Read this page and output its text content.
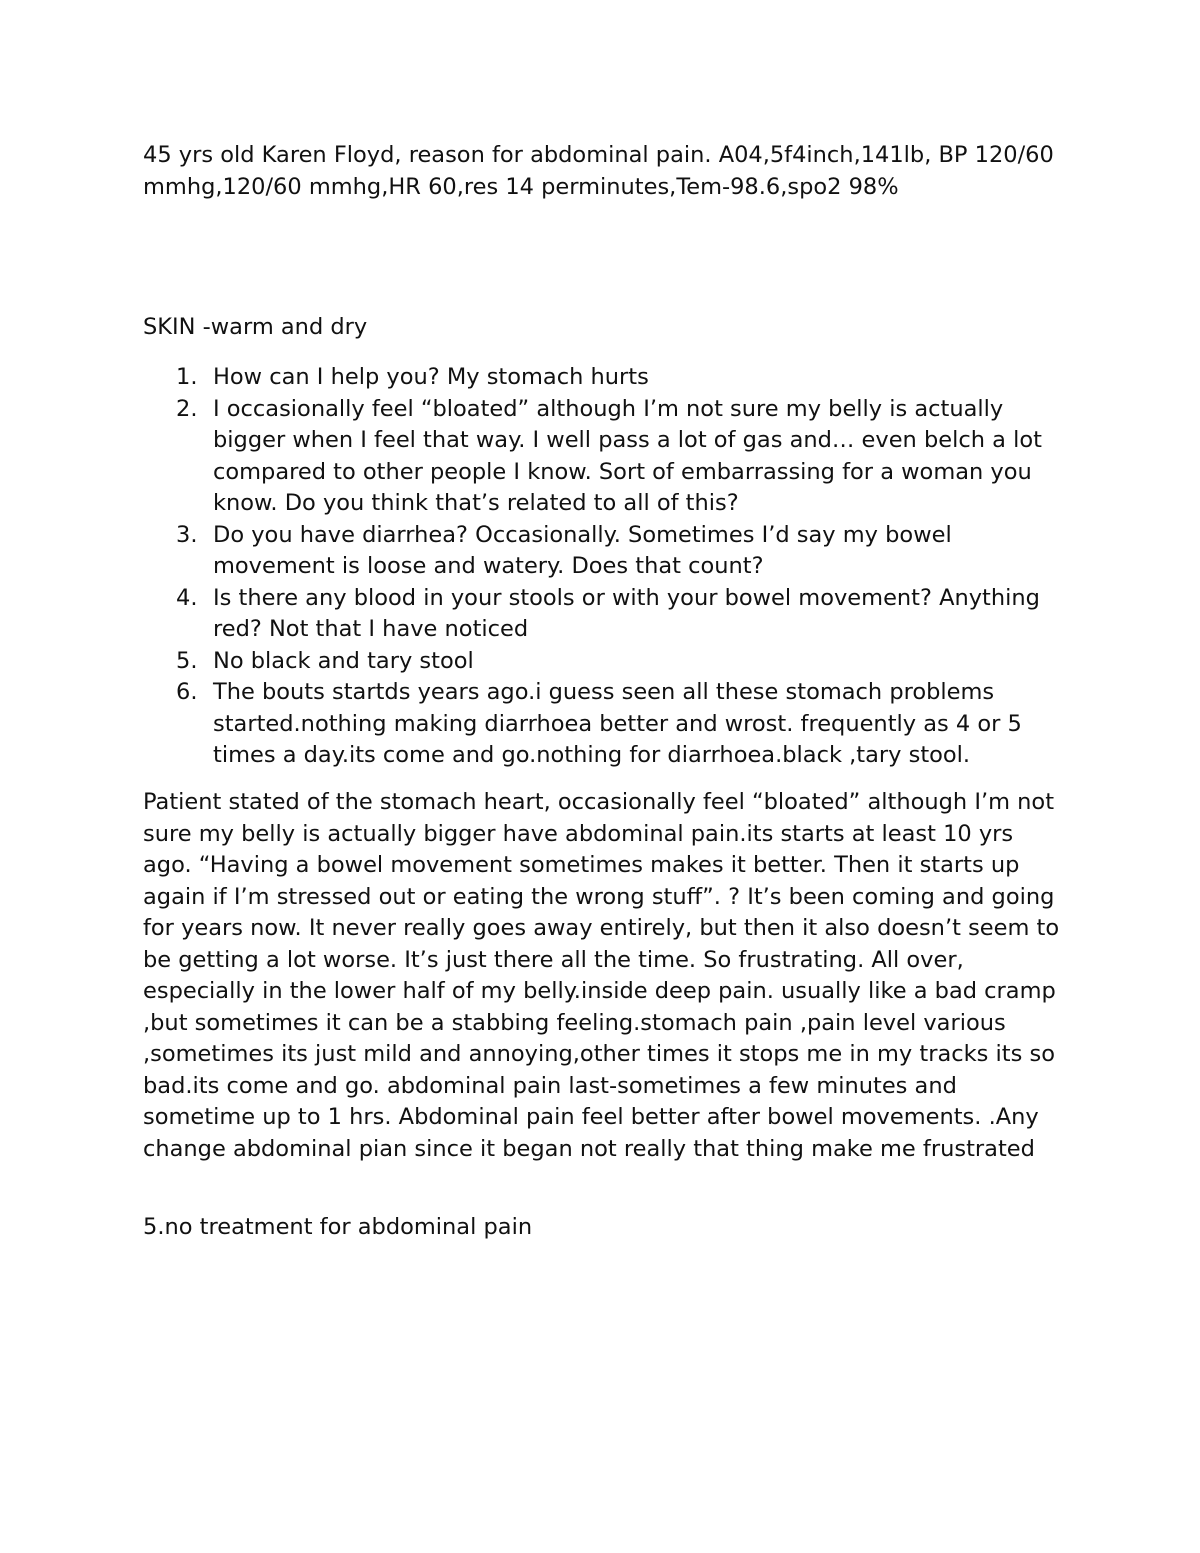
45 yrs old Karen Floyd, reason for abdominal pain. A04,5f4inch,141lb, BP 120/60 mmhg,120/60 mmhg,HR 60,res 14 perminutes,Tem-98.6,spo2 98%

SKIN -warm and dry

1. How can I help you? My stomach hurts
2. I occasionally feel “bloated” although I’m not sure my belly is actually bigger when I feel that way. I well pass a lot of gas and… even belch a lot compared to other people I know. Sort of embarrassing for a woman you know. Do you think that’s related to all of this?
3. Do you have diarrhea? Occasionally. Sometimes I’d say my bowel movement is loose and watery. Does that count?
4. Is there any blood in your stools or with your bowel movement? Anything red? Not that I have noticed
5. No black and tary stool
6. The bouts startds years ago.i guess seen all these stomach problems started.nothing making diarrhoea better and wrost. frequently as 4 or 5 times a day.its come and go.nothing for diarrhoea.black ,tary stool.

Patient stated of the stomach heart, occasionally feel “bloated” although I’m not sure my belly is actually bigger have abdominal pain.its starts at least 10 yrs ago. “Having a bowel movement sometimes makes it better. Then it starts up again if I’m stressed out or eating the wrong stuff”. ? It’s been coming and going for years now. It never really goes away entirely, but then it also doesn’t seem to be getting a lot worse. It’s just there all the time. So frustrating. All over, especially in the lower half of my belly.inside deep pain. usually like a bad cramp ,but sometimes it can be a stabbing feeling.stomach pain ,pain level various ,sometimes its just mild and annoying,other times it stops me in my tracks its so bad.its come and go. abdominal pain last-sometimes a few minutes and sometime up to 1 hrs. Abdominal pain feel better after bowel movements. .Any change abdominal pian since it began not really that thing make me frustrated

5.no treatment for abdominal pain
